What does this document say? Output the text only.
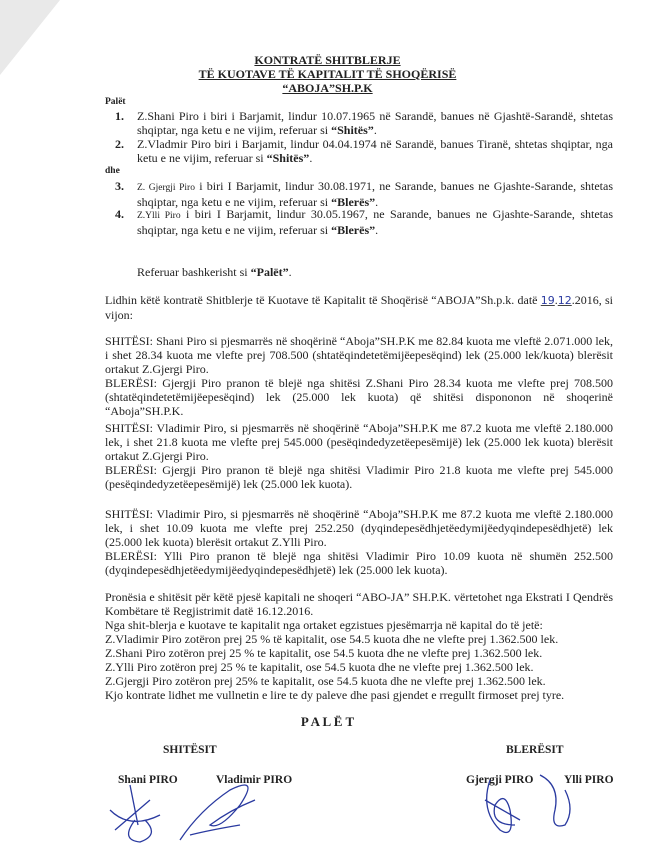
KONTRATË SHITBLERJE
TË KUOTAVE TË KAPITALIT TË SHOQËRISË
“ABOJA”SH.P.K
Palët
1. Z.Shani Piro i biri i Barjamit, lindur 10.07.1965 në Sarandë, banues në Gjashtë-Sarandë, shtetas shqiptar, nga ketu e ne vijim, referuar si “Shitës”.
2. Z.Vladmir Piro biri i Barjamit, lindur 04.04.1974 në Sarandë, banues Tiranë, shtetas shqiptar, nga ketu e ne vijim, referuar si “Shitës”.
dhe
3. Z. Gjergji Piro i biri I Barjamit, lindur 30.08.1971, ne Sarande, banues ne Gjashte-Sarande, shtetas shqiptar, nga ketu e ne vijim, referuar si “Blerës”.
4. Z.Ylli Piro i biri I Barjamit, lindur 30.05.1967, ne Sarande, banues ne Gjashte-Sarande, shtetas shqiptar, nga ketu e ne vijim, referuar si “Blerës”.
Referuar bashkerisht si “Palët”.
Lidhin këtë kontratë Shitblerje të Kuotave të Kapitalit të Shoqërisë “ABOJA”Sh.p.k. datë 19.12.2016, si vijon:
SHITËSI: Shani Piro si pjesmarrës në shoqërinë “Aboja”SH.P.K me 82.84 kuota me vleftë 2.071.000 lek, i shet 28.34 kuota me vlefte prej 708.500 (shtatëqindetetëmijëepesëqind) lek (25.000 lek/kuota) blerësit ortakut Z.Gjergi Piro.
BLERËSI: Gjergji Piro pranon të blejë nga shitësi Z.Shani Piro 28.34 kuota me vlefte prej 708.500 (shtatëqindetetëmijëepesëqind) lek (25.000 lek kuota) që shitësi dispononon në shoqerinë “Aboja”SH.P.K.
SHITËSI: Vladimir Piro, si pjesmarrës në shoqërinë “Aboja”SH.P.K me 87.2 kuota me vleftë 2.180.000 lek, i shet 21.8 kuota me vlefte prej 545.000 (pesëqindedyzetëepesëmijë) lek (25.000 lek kuota) blerësit ortakut Z.Gjergi Piro.
BLERËSI: Gjergji Piro pranon të blejë nga shitësi Vladimir Piro 21.8 kuota me vlefte prej 545.000 (pesëqindedyzetëepesëmijë) lek (25.000 lek kuota).
SHITËSI: Vladimir Piro, si pjesmarrës në shoqërinë “Aboja”SH.P.K me 87.2 kuota me vleftë 2.180.000 lek, i shet 10.09 kuota me vlefte prej 252.250 (dyqindepesëdhjetëedymijëedyqindepesëdhjetë) lek (25.000 lek kuota) blerësit ortakut Z.Ylli Piro.
BLERËSI: Ylli Piro pranon të blejë nga shitësi Vladimir Piro 10.09 kuota në shumën 252.500 (dyqindepesëdhjetëedymijëedyqindepesëdhjetë) lek (25.000 lek kuota).
Pronësia e shitësit për këtë pjesë kapitali ne shoqeri “ABO-JA” SH.P.K. vërtetohet nga Ekstrati I Qendrës Kombëtare të Regjistrimit datë 16.12.2016.
Nga shit-blerja e kuotave te kapitalit nga ortaket egzistues pjesëmarrja në kapital do të jetë:
Z.Vladimir Piro zotëron prej 25 % të kapitalit, ose 54.5 kuota dhe ne vlefte prej 1.362.500 lek.
Z.Shani Piro zotëron prej 25 % te kapitalit, ose 54.5 kuota dhe ne vlefte prej 1.362.500 lek.
Z.Ylli Piro zotëron prej 25 % te kapitalit, ose 54.5 kuota dhe ne vlefte prej 1.362.500 lek.
Z.Gjergji Piro zotëron prej 25% te kapitalit, ose 54.5 kuota dhe ne vlefte prej 1.362.500 lek.
Kjo kontrate lidhet me vullnetin e lire te dy paleve dhe pasi gjendet e rregullt firmoset prej tyre.
P A L Ë T
SHITËSIT	BLERËSIT
Shani PIRO	Vladimir PIRO	Gjergji PIRO	Ylli PIRO
